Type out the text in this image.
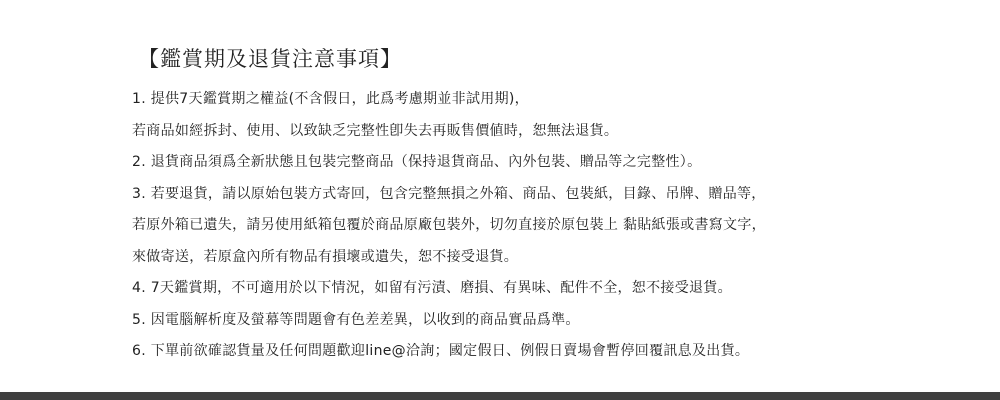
【鑑賞期及退貨注意事項】
1. 提供7天鑑賞期之權益(不含假日，此爲考慮期並非試用期)，
若商品如經拆封、使用、以致缺乏完整性卽失去再販售價値時，恕無法退貨。
2. 退貨商品須爲全新狀態且包裝完整商品（保持退貨商品、內外包裝、贈品等之完整性）。
3. 若要退貨，請以原始包裝方式寄回，包含完整無損之外箱、商品、包裝紙，目錄、吊牌、贈品等，
若原外箱已遺失，請另使用紙箱包覆於商品原廠包裝外，切勿直接於原包裝上 黏貼紙張或書寫文字，
來做寄送，若原盒內所有物品有損壞或遺失，恕不接受退貨。
4. 7天鑑賞期，不可適用於以下情況，如留有污漬、磨損、有異味、配件不全，恕不接受退貨。
5. 因電腦解析度及螢幕等問題會有色差差異，以收到的商品實品爲準。
6. 下單前欲確認貨量及任何問題歡迎line@洽詢；國定假日、例假日賣場會暫停回覆訊息及出貨。
